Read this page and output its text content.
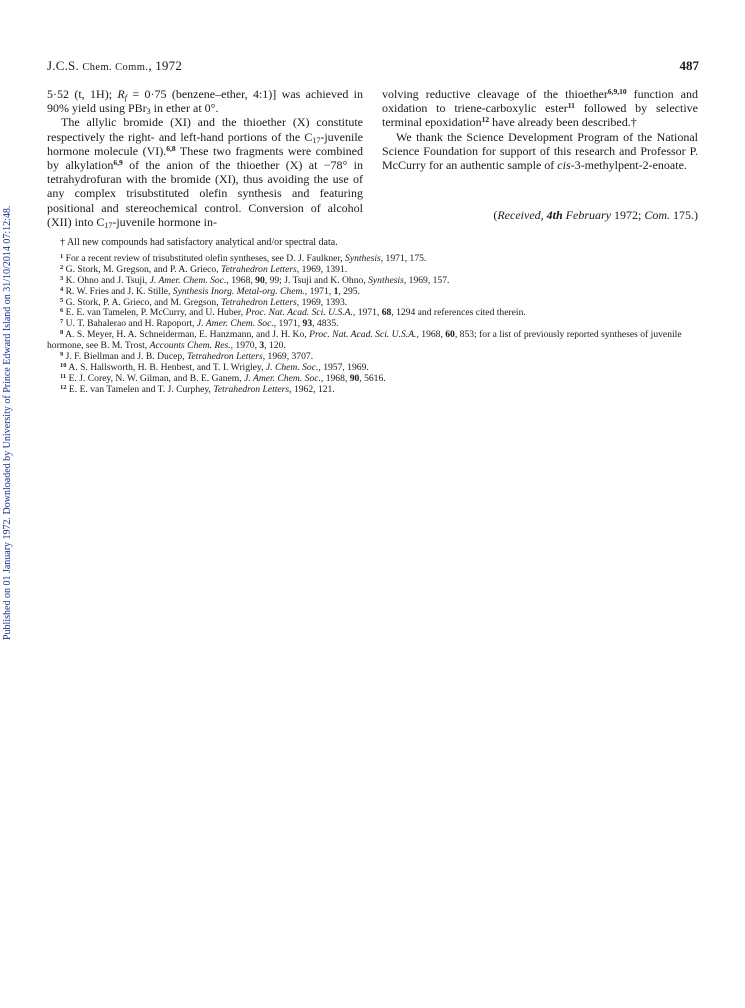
Published on 01 January 1972. Downloaded by University of Prince Edward Island on 31/10/2014 07:12:48.
J.C.S. Chem. Comm., 1972	487

5·52 (t, 1H); $R_f = 0\cdot 75$ (benzene–ether, 4:1)] was achieved in 90% yield using PBr$_3$ in ether at 0°.

The allylic bromide (XI) and the thioether (X) constitute respectively the right- and left-hand portions of the $C_{17}$-juvenile hormone molecule (VI).$^{6,8}$ These two fragments were combined by alkylation$^{6,9}$ of the anion of the thioether (X) at −78° in tetrahydrofuran with the bromide (XI), thus avoiding the use of any complex trisubstituted olefin synthesis and featuring positional and stereochemical control. Conversion of alcohol (XII) into $C_{17}$-juvenile hormone in-

volving reductive cleavage of the thioether$^{6,9,10}$ function and oxidation to triene-carboxylic ester$^{11}$ followed by selective terminal epoxidation$^{12}$ have already been described.†

We thank the Science Development Program of the National Science Foundation for support of this research and Professor P. McCurry for an authentic sample of cis-3-methylpent-2-enoate.

(Received, 4th February 1972; Com. 175.)
† All new compounds had satisfactory analytical and/or spectral data.
$^1$ For a recent review of trisubstituted olefin syntheses, see D. J. Faulkner, Synthesis, 1971, 175.
$^2$ G. Stork, M. Gregson, and P. A. Grieco, Tetrahedron Letters, 1969, 1391.
$^3$ K. Ohno and J. Tsuji, J. Amer. Chem. Soc., 1968, 90, 99; J. Tsuji and K. Ohno, Synthesis, 1969, 157.
$^4$ R. W. Fries and J. K. Stille, Synthesis Inorg. Metal-org. Chem., 1971, 1, 295.
$^5$ G. Stork, P. A. Grieco, and M. Gregson, Tetrahedron Letters, 1969, 1393.
$^6$ E. E. van Tamelen, P. McCurry, and U. Huber, Proc. Nat. Acad. Sci. U.S.A., 1971, 68, 1294 and references cited therein.
$^7$ U. T. Bahalerao and H. Rapoport, J. Amer. Chem. Soc., 1971, 93, 4835.
$^8$ A. S. Meyer, H. A. Schneiderman, E. Hanzmann, and J. H. Ko, Proc. Nat. Acad. Sci. U.S.A., 1968, 60, 853; for a list of previously reported syntheses of juvenile hormone, see B. M. Trost, Accounts Chem. Res., 1970, 3, 120.
$^9$ J. F. Biellman and J. B. Ducep, Tetrahedron Letters, 1969, 3707.
$^{10}$ A. S. Hallsworth, H. B. Henbest, and T. I. Wrigley, J. Chem. Soc., 1957, 1969.
$^{11}$ E. J. Corey, N. W. Gilman, and B. E. Ganem, J. Amer. Chem. Soc., 1968, 90, 5616.
$^{12}$ E. E. van Tamelen and T. J. Curphey, Tetrahedron Letters, 1962, 121.
